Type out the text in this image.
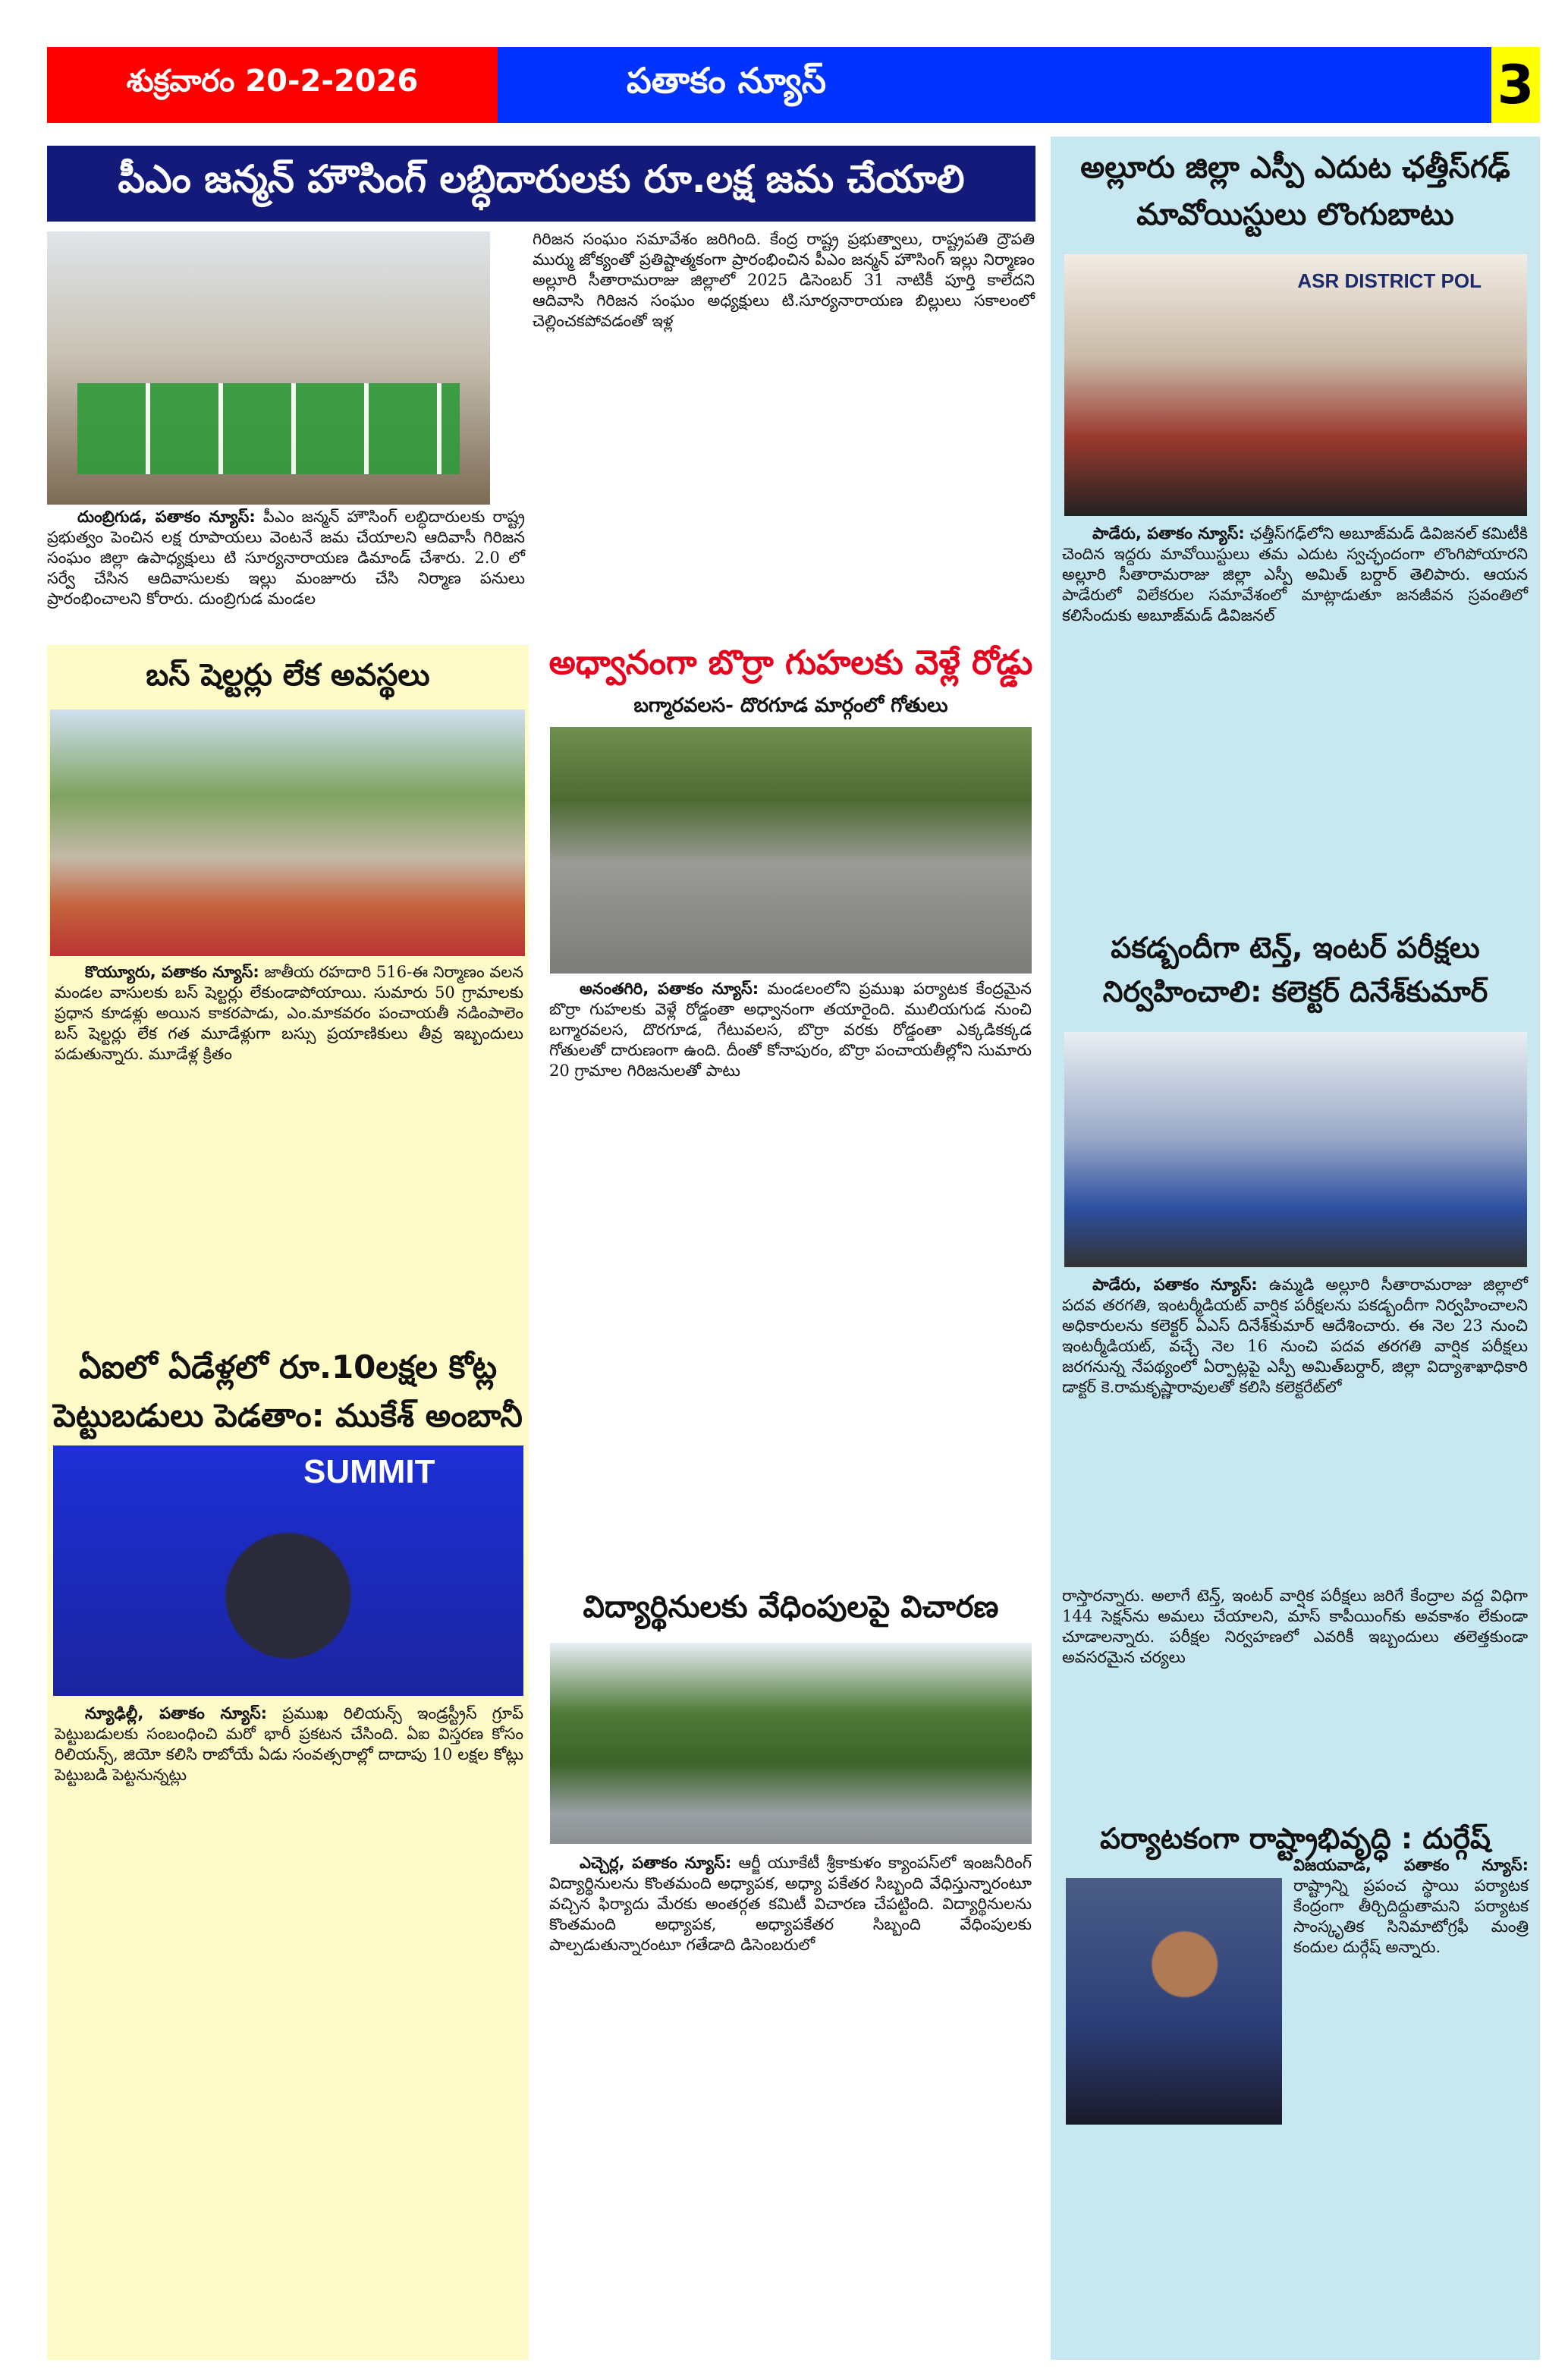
శుక్రవారం 20-2-2026	పతాకం న్యూస్	3
పీఎం జన్మన్ హౌసింగ్ లబ్ధిదారులకు రూ.లక్ష జమ చేయాలి
దుంబ్రిగుడ, పతాకం న్యూస్: పీఎం జన్మన్ హౌసింగ్ లబ్ధిదారులకు రాష్ట్ర ప్రభుత్వం పెంచిన లక్ష రూపాయలు వెంటనే జమ చేయాలని ఆదివాసీ గిరిజన సంఘం జిల్లా ఉపాధ్యక్షులు టి సూర్యనారాయణ డిమాండ్ చేశారు. 2.0 లో సర్వే చేసిన ఆదివాసులకు ఇల్లు మంజూరు చేసి నిర్మాణ పనులు ప్రారంభించాలని కోరారు. దుంబ్రిగుడ మండల
గిరిజన సంఘం సమావేశం జరిగింది. కేంద్ర రాష్ట్ర ప్రభుత్వాలు, రాష్ట్రపతి ద్రౌపతి ముర్ము జోక్యంతో ప్రతిష్టాత్మకంగా ప్రారంభించిన పీఎం జన్మన్ హౌసింగ్ ఇల్లు నిర్మాణం అల్లూరి సీతారామరాజు జిల్లాలో 2025 డిసెంబర్ 31 నాటికీ పూర్తి కాలేదని ఆదివాసి గిరిజన సంఘం అధ్యక్షులు టి.సూర్యనారాయణ బిల్లులు సకాలంలో చెల్లించకపోవడంతో ఇళ్ల
అల్లూరు జిల్లా ఎస్పీ ఎదుట ఛత్తీస్‌గఢ్ మావోయిస్టులు లొంగుబాటు
ASR DISTRICT POL
పాడేరు, పతాకం న్యూస్: ఛత్తీస్‌గఢ్‌లోని అబూజ్‌మడ్ డివిజనల్ కమిటీకి చెందిన ఇద్దరు మావోయిస్టులు తమ ఎదుట స్వచ్ఛందంగా లొంగిపోయారని అల్లూరి సీతారామరాజు జిల్లా ఎస్పీ అమిత్ బర్దార్ తెలిపారు. ఆయన పాడేరులో విలేకరుల సమావేశంలో మాట్లాడుతూ జనజీవన స్రవంతిలో కలిసేందుకు అబూజ్‌మడ్ డివిజనల్
పకడ్బందీగా టెన్త్, ఇంటర్ పరీక్షలు నిర్వహించాలి: కలెక్టర్ దినేశ్‌కుమార్
పాడేరు, పతాకం న్యూస్: ఉమ్మడి అల్లూరి సీతారామరాజు జిల్లాలో పదవ తరగతి, ఇంటర్మీడియట్ వార్షిక పరీక్షలను పకడ్బందీగా నిర్వహించాలని అధికారులను కలెక్టర్ ఏఎస్ దినేశ్‌కుమార్ ఆదేశించారు. ఈ నెల 23 నుంచి ఇంటర్మీడియట్, వచ్చే నెల 16 నుంచి పదవ తరగతి వార్షిక పరీక్షలు జరగనున్న నేపథ్యంలో ఏర్పాట్లపై ఎస్పీ అమిత్‌బర్దార్, జిల్లా విద్యాశాఖాధికారి డాక్టర్ కె.రామకృష్ణారావులతో కలిసి కలెక్టరేట్‌లో
రాస్తారన్నారు. అలాగే టెన్త్, ఇంటర్ వార్షిక పరీక్షలు జరిగే కేంద్రాల వద్ద విధిగా 144 సెక్షన్‌ను అమలు చేయాలని, మాస్ కాపీయింగ్‌కు అవకాశం లేకుండా చూడాలన్నారు. పరీక్షల నిర్వహణలో ఎవరికీ ఇబ్బందులు తలెత్తకుండా అవసరమైన చర్యలు
పర్యాటకంగా రాష్ట్రాభివృద్ధి : దుర్గేష్
విజయవాడ, పతాకం న్యూస్: రాష్ట్రాన్ని ప్రపంచ స్థాయి పర్యాటక కేంద్రంగా తీర్చిదిద్దుతామని పర్యాటక సాంస్కృతిక సినిమాటోగ్రఫీ మంత్రి కందుల దుర్గేష్ అన్నారు.
బస్ షెల్టర్లు లేక అవస్థలు
కొయ్యూరు, పతాకం న్యూస్: జాతీయ రహదారి 516-ఈ నిర్మాణం వలన మండల వాసులకు బస్ షెల్టర్లు లేకుండాపోయాయి. సుమారు 50 గ్రామాలకు ప్రధాన కూడళ్లు అయిన కాకరపాడు, ఎం.మాకవరం పంచాయతీ నడింపాలెం బస్ షెల్టర్లు లేక గత మూడేళ్లుగా బస్సు ప్రయాణికులు తీవ్ర ఇబ్బందులు పడుతున్నారు. మూడేళ్ల క్రితం
ఏఐలో ఏడేళ్లలో రూ.10లక్షల కోట్ల పెట్టుబడులు పెడతాం: ముకేశ్ అంబానీ
SUMMIT
న్యూఢిల్లీ, పతాకం న్యూస్: ప్రముఖ రిలియన్స్ ఇండ్రస్ట్రీస్ గ్రూప్ పెట్టుబడులకు సంబంధించి మరో భారీ ప్రకటన చేసింది. ఏఐ విస్తరణ కోసం రిలియన్స్, జియో కలిసి రాబోయే ఏడు సంవత్సరాల్లో దాదాపు 10 లక్షల కోట్లు పెట్టుబడి పెట్టనున్నట్లు
అధ్వానంగా బొర్రా గుహలకు వెళ్లే రోడ్డు
బగ్మారవలస- దొరగూడ మార్గంలో గోతులు
అనంతగిరి, పతాకం న్యూస్: మండలంలోని ప్రముఖ పర్యాటక కేంద్రమైన బొర్రా గుహలకు వెళ్లే రోడ్డంతా అధ్వానంగా తయారైంది. ములియగుడ నుంచి బగ్మారవలస, దొరగూడ, గేటువలస, బొర్రా వరకు రోడ్డంతా ఎక్కడికక్కడ గోతులతో దారుణంగా ఉంది. దీంతో కోనాపురం, బొర్రా పంచాయతీల్లోని సుమారు 20 గ్రామాల గిరిజనులతో పాటు
విద్యార్థినులకు వేధింపులపై విచారణ
ఎచ్చెర్ల, పతాకం న్యూస్: ఆర్జీ యూకేటీ శ్రీకాకుళం క్యాంపస్‌లో ఇంజనీరింగ్ విద్యార్థినులను కొంతమంది అధ్యాపక, అధ్యా పకేతర సిబ్బంది వేధిస్తున్నారంటూ వచ్చిన ఫిర్యాదు మేరకు అంతర్గత కమిటీ విచారణ చేపట్టింది. విద్యార్థినులను కొంతమంది అధ్యాపక, అధ్యాపకేతర సిబ్బంది వేధింపులకు పాల్పడుతున్నారంటూ గతేడాది డిసెంబరులో
